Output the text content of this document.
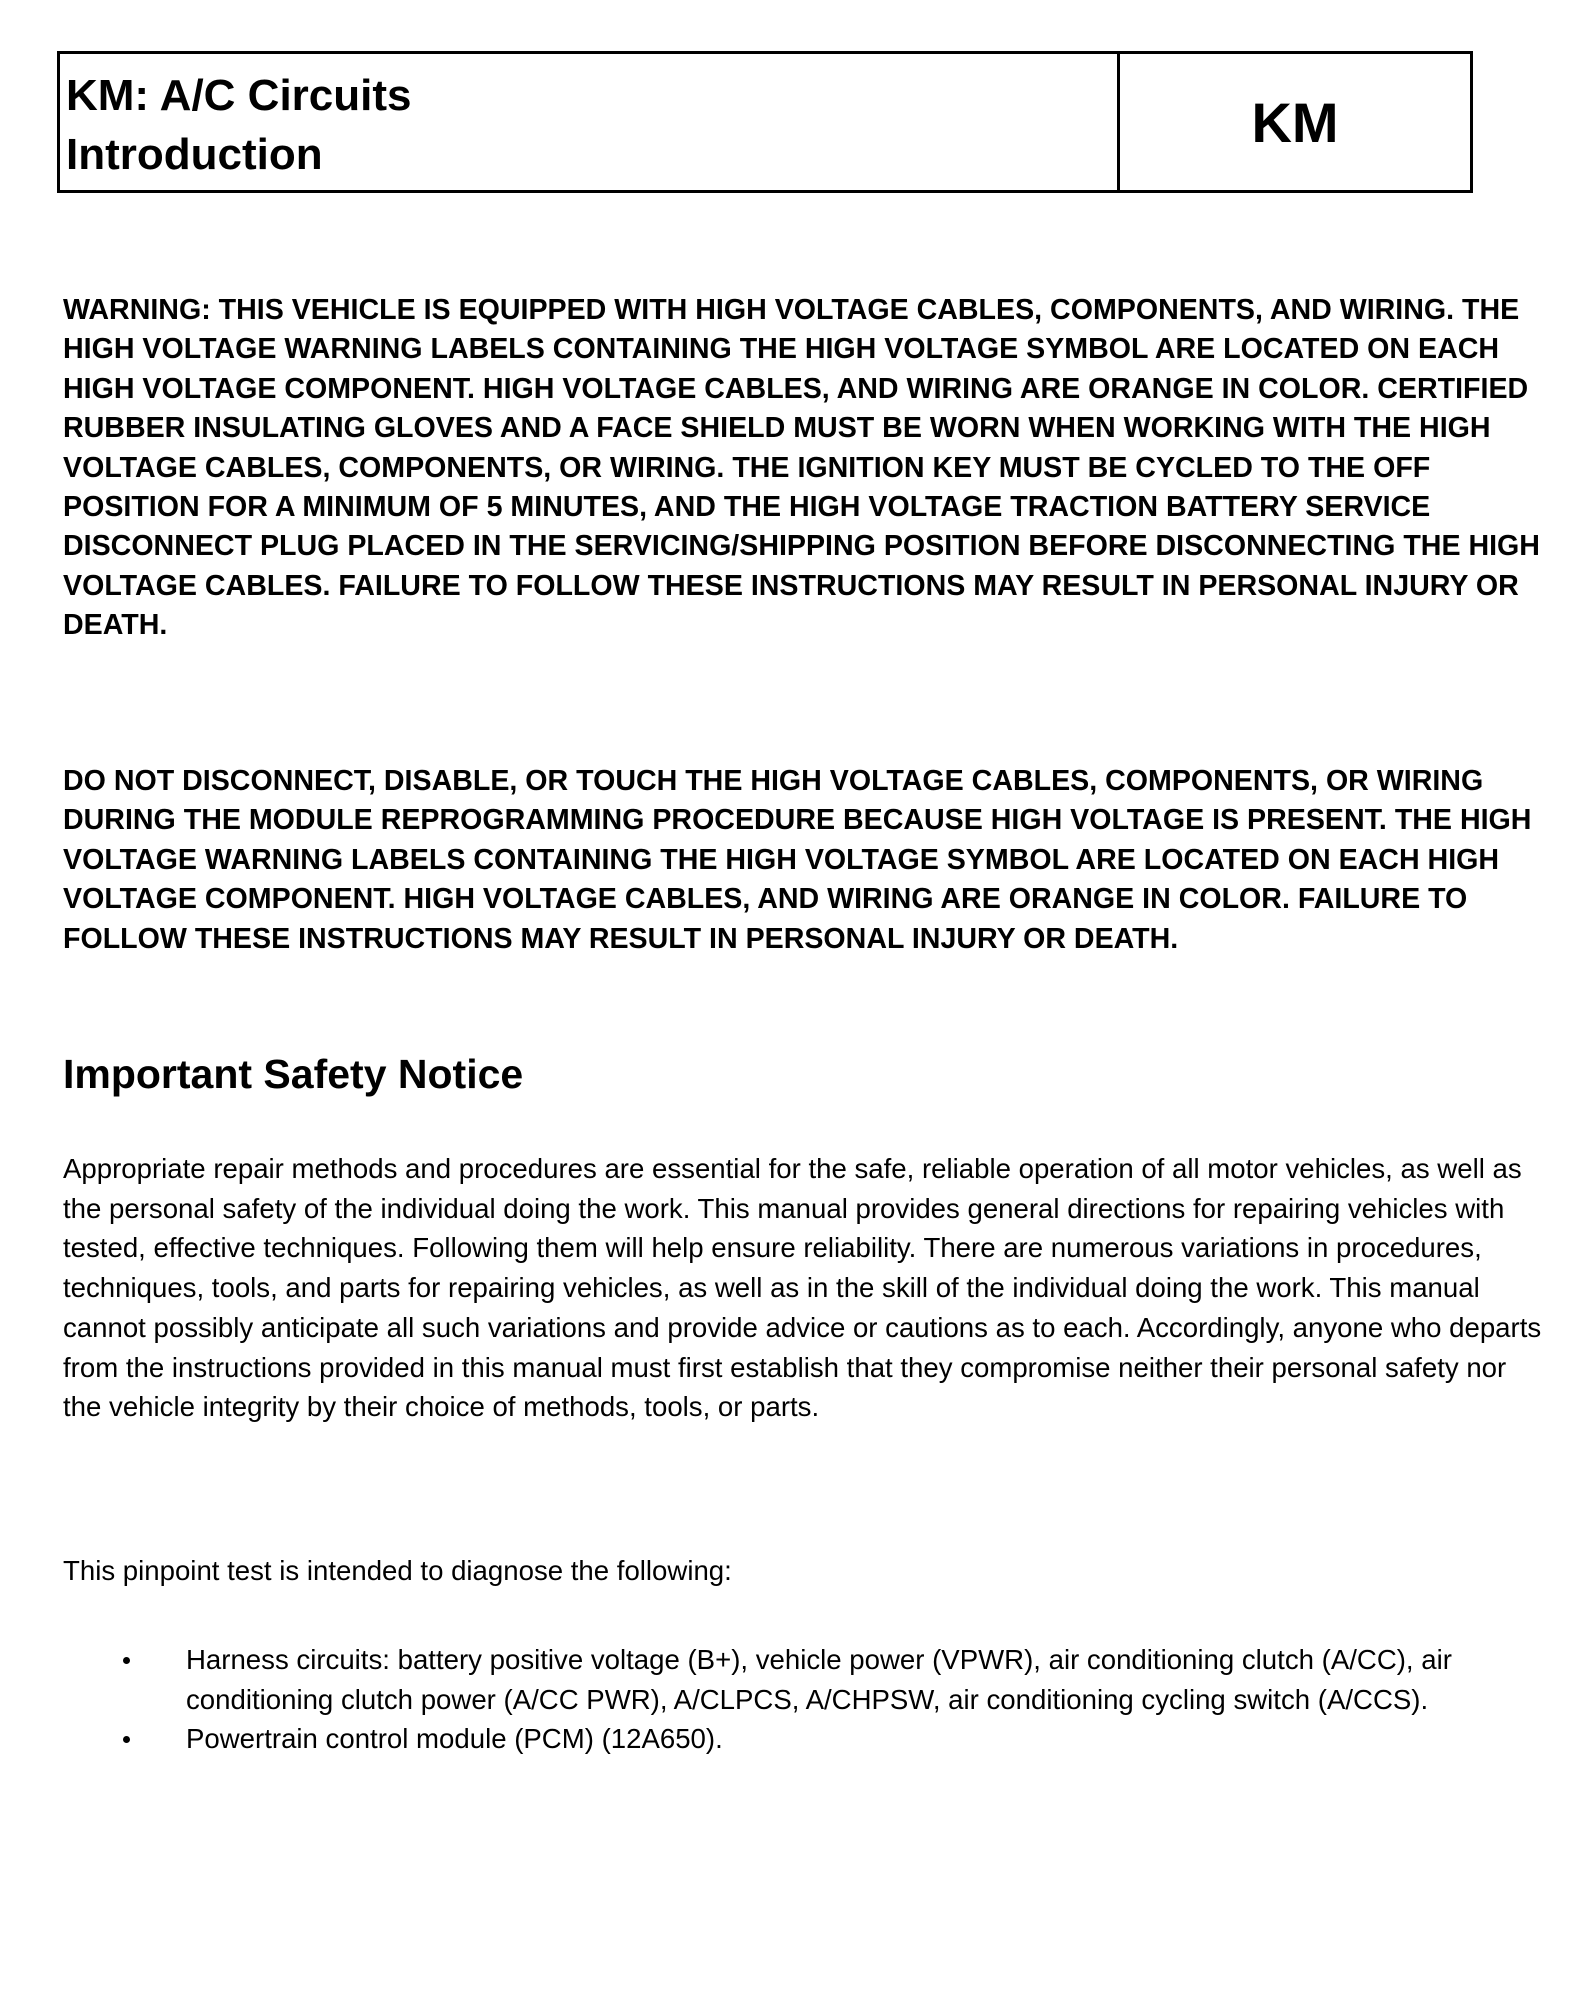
KM: A/C Circuits
Introduction
KM
WARNING: THIS VEHICLE IS EQUIPPED WITH HIGH VOLTAGE CABLES, COMPONENTS, AND WIRING. THE HIGH VOLTAGE WARNING LABELS CONTAINING THE HIGH VOLTAGE SYMBOL ARE LOCATED ON EACH HIGH VOLTAGE COMPONENT. HIGH VOLTAGE CABLES, AND WIRING ARE ORANGE IN COLOR. CERTIFIED RUBBER INSULATING GLOVES AND A FACE SHIELD MUST BE WORN WHEN WORKING WITH THE HIGH VOLTAGE CABLES, COMPONENTS, OR WIRING. THE IGNITION KEY MUST BE CYCLED TO THE OFF POSITION FOR A MINIMUM OF 5 MINUTES, AND THE HIGH VOLTAGE TRACTION BATTERY SERVICE DISCONNECT PLUG PLACED IN THE SERVICING/SHIPPING POSITION BEFORE DISCONNECTING THE HIGH VOLTAGE CABLES. FAILURE TO FOLLOW THESE INSTRUCTIONS MAY RESULT IN PERSONAL INJURY OR DEATH.
DO NOT DISCONNECT, DISABLE, OR TOUCH THE HIGH VOLTAGE CABLES, COMPONENTS, OR WIRING DURING THE MODULE REPROGRAMMING PROCEDURE BECAUSE HIGH VOLTAGE IS PRESENT. THE HIGH VOLTAGE WARNING LABELS CONTAINING THE HIGH VOLTAGE SYMBOL ARE LOCATED ON EACH HIGH VOLTAGE COMPONENT. HIGH VOLTAGE CABLES, AND WIRING ARE ORANGE IN COLOR. FAILURE TO FOLLOW THESE INSTRUCTIONS MAY RESULT IN PERSONAL INJURY OR DEATH.
Important Safety Notice
Appropriate repair methods and procedures are essential for the safe, reliable operation of all motor vehicles, as well as the personal safety of the individual doing the work. This manual provides general directions for repairing vehicles with tested, effective techniques. Following them will help ensure reliability. There are numerous variations in procedures, techniques, tools, and parts for repairing vehicles, as well as in the skill of the individual doing the work. This manual cannot possibly anticipate all such variations and provide advice or cautions as to each. Accordingly, anyone who departs from the instructions provided in this manual must first establish that they compromise neither their personal safety nor the vehicle integrity by their choice of methods, tools, or parts.
This pinpoint test is intended to diagnose the following:
Harness circuits: battery positive voltage (B+), vehicle power (VPWR), air conditioning clutch (A/CC), air conditioning clutch power (A/CC PWR), A/CLPCS, A/CHPSW, air conditioning cycling switch (A/CCS).
Powertrain control module (PCM) (12A650).
